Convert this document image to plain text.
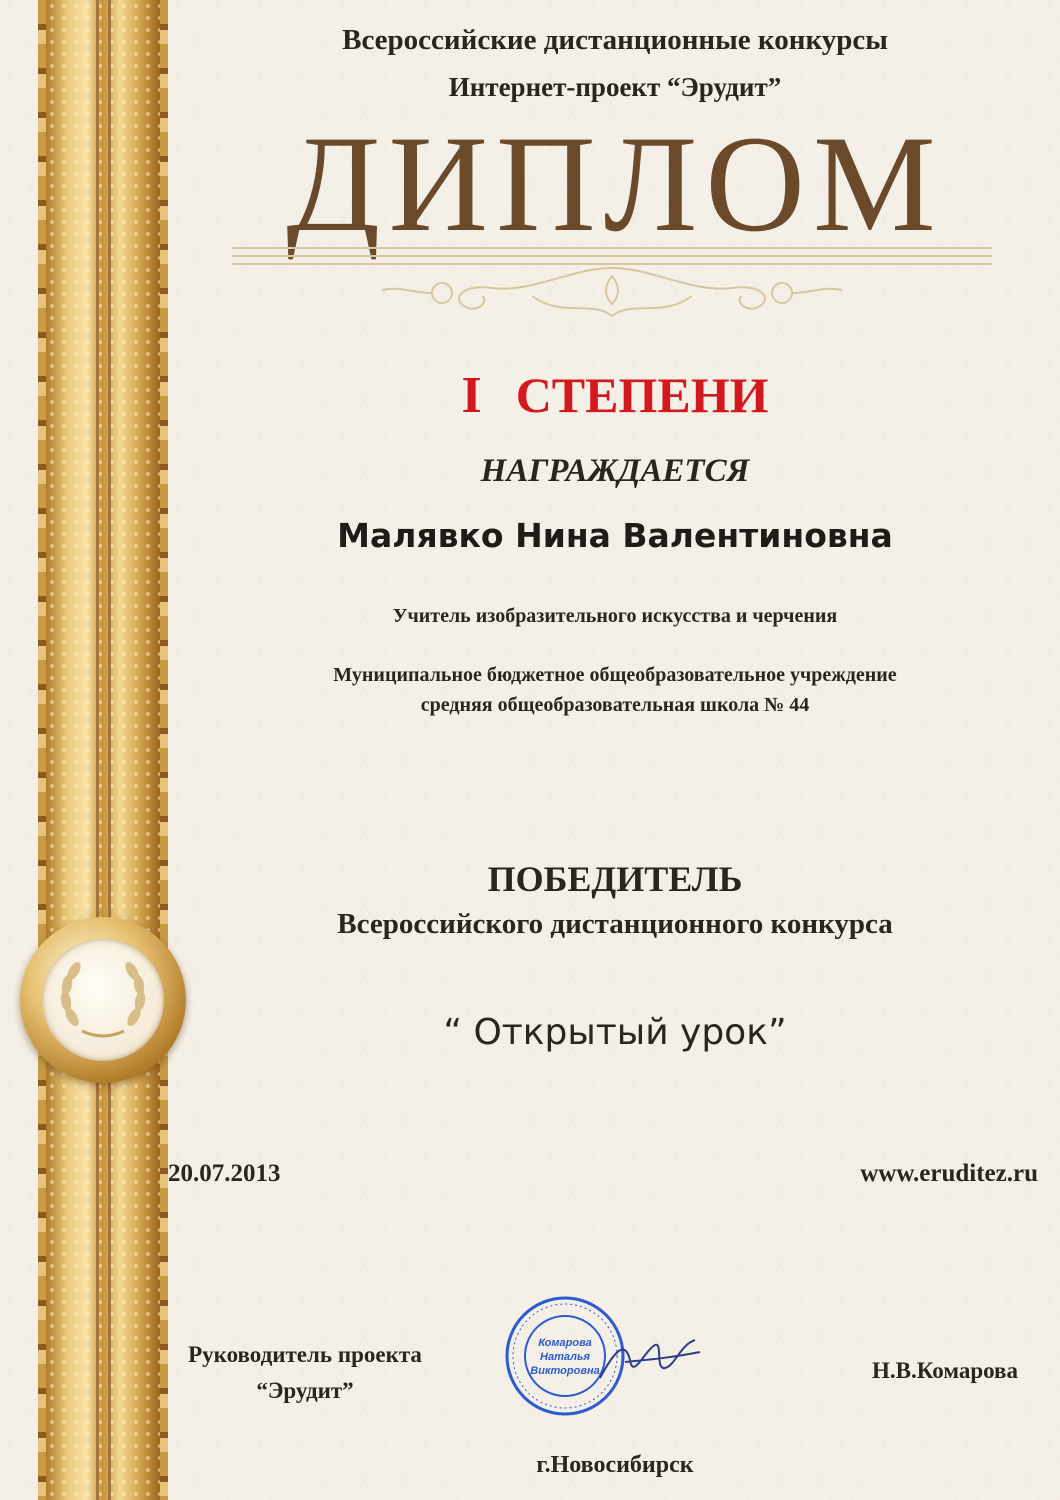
Всероссийские дистанционные конкурсы
Интернет-проект “Эрудит”
ДИПЛОМ
I СТЕПЕНИ
НАГРАЖДАЕТСЯ
Малявко Нина Валентиновна
Учитель изобразительного искусства и черчения
Муниципальное бюджетное общеобразовательное учреждение
средняя общеобразовательная школа № 44
ПОБЕДИТЕЛЬ
Всероссийского дистанционного конкурса
“ Открытый урок”
20.07.2013	www.eruditez.ru
Руководитель проекта
“Эрудит”
Н.В.Комарова
Комарова
Наталья
Викторовна
г.Новосибирск
